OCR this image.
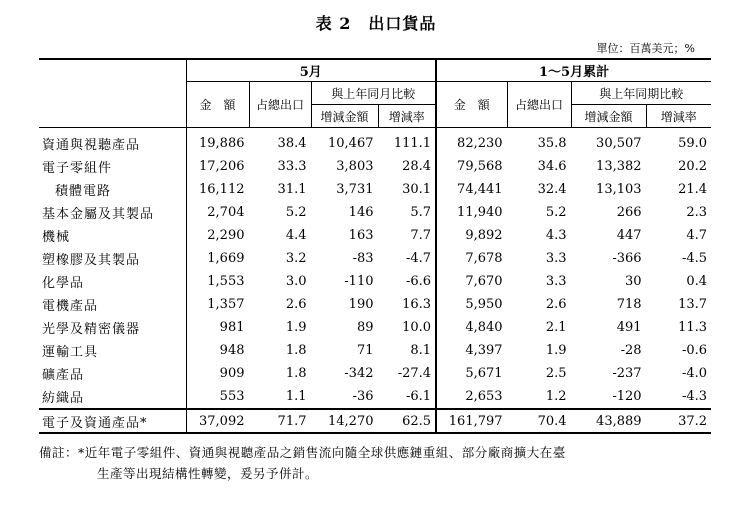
表 2　出口貨品
單位：百萬美元；%
	5月				1～5月累計			
	金　額	占總出口	與上年同月比較		金　額	占總出口	與上年同期比較	
			增減金額	增減率			增減金額	增減率
資通與視聽產品	19,886	38.4	10,467	111.1	82,230	35.8	30,507	59.0
電子零組件	17,206	33.3	3,803	28.4	79,568	34.6	13,382	20.2
積體電路	16,112	31.1	3,731	30.1	74,441	32.4	13,103	21.4
基本金屬及其製品	2,704	5.2	146	5.7	11,940	5.2	266	2.3
機械	2,290	4.4	163	7.7	9,892	4.3	447	4.7
塑橡膠及其製品	1,669	3.2	-83	-4.7	7,678	3.3	-366	-4.5
化學品	1,553	3.0	-110	-6.6	7,670	3.3	30	0.4
電機產品	1,357	2.6	190	16.3	5,950	2.6	718	13.7
光學及精密儀器	981	1.9	89	10.0	4,840	2.1	491	11.3
運輸工具	948	1.8	71	8.1	4,397	1.9	-28	-0.6
礦產品	909	1.8	-342	-27.4	5,671	2.5	-237	-4.0
紡織品	553	1.1	-36	-6.1	2,653	1.2	-120	-4.3
電子及資通產品*	37,092	71.7	14,270	62.5	161,797	70.4	43,889	37.2
備註：*近年電子零組件、資通與視聽產品之銷售流向隨全球供應鏈重組、部分廠商擴大在臺
生產等出現結構性轉變，爰另予併計。
